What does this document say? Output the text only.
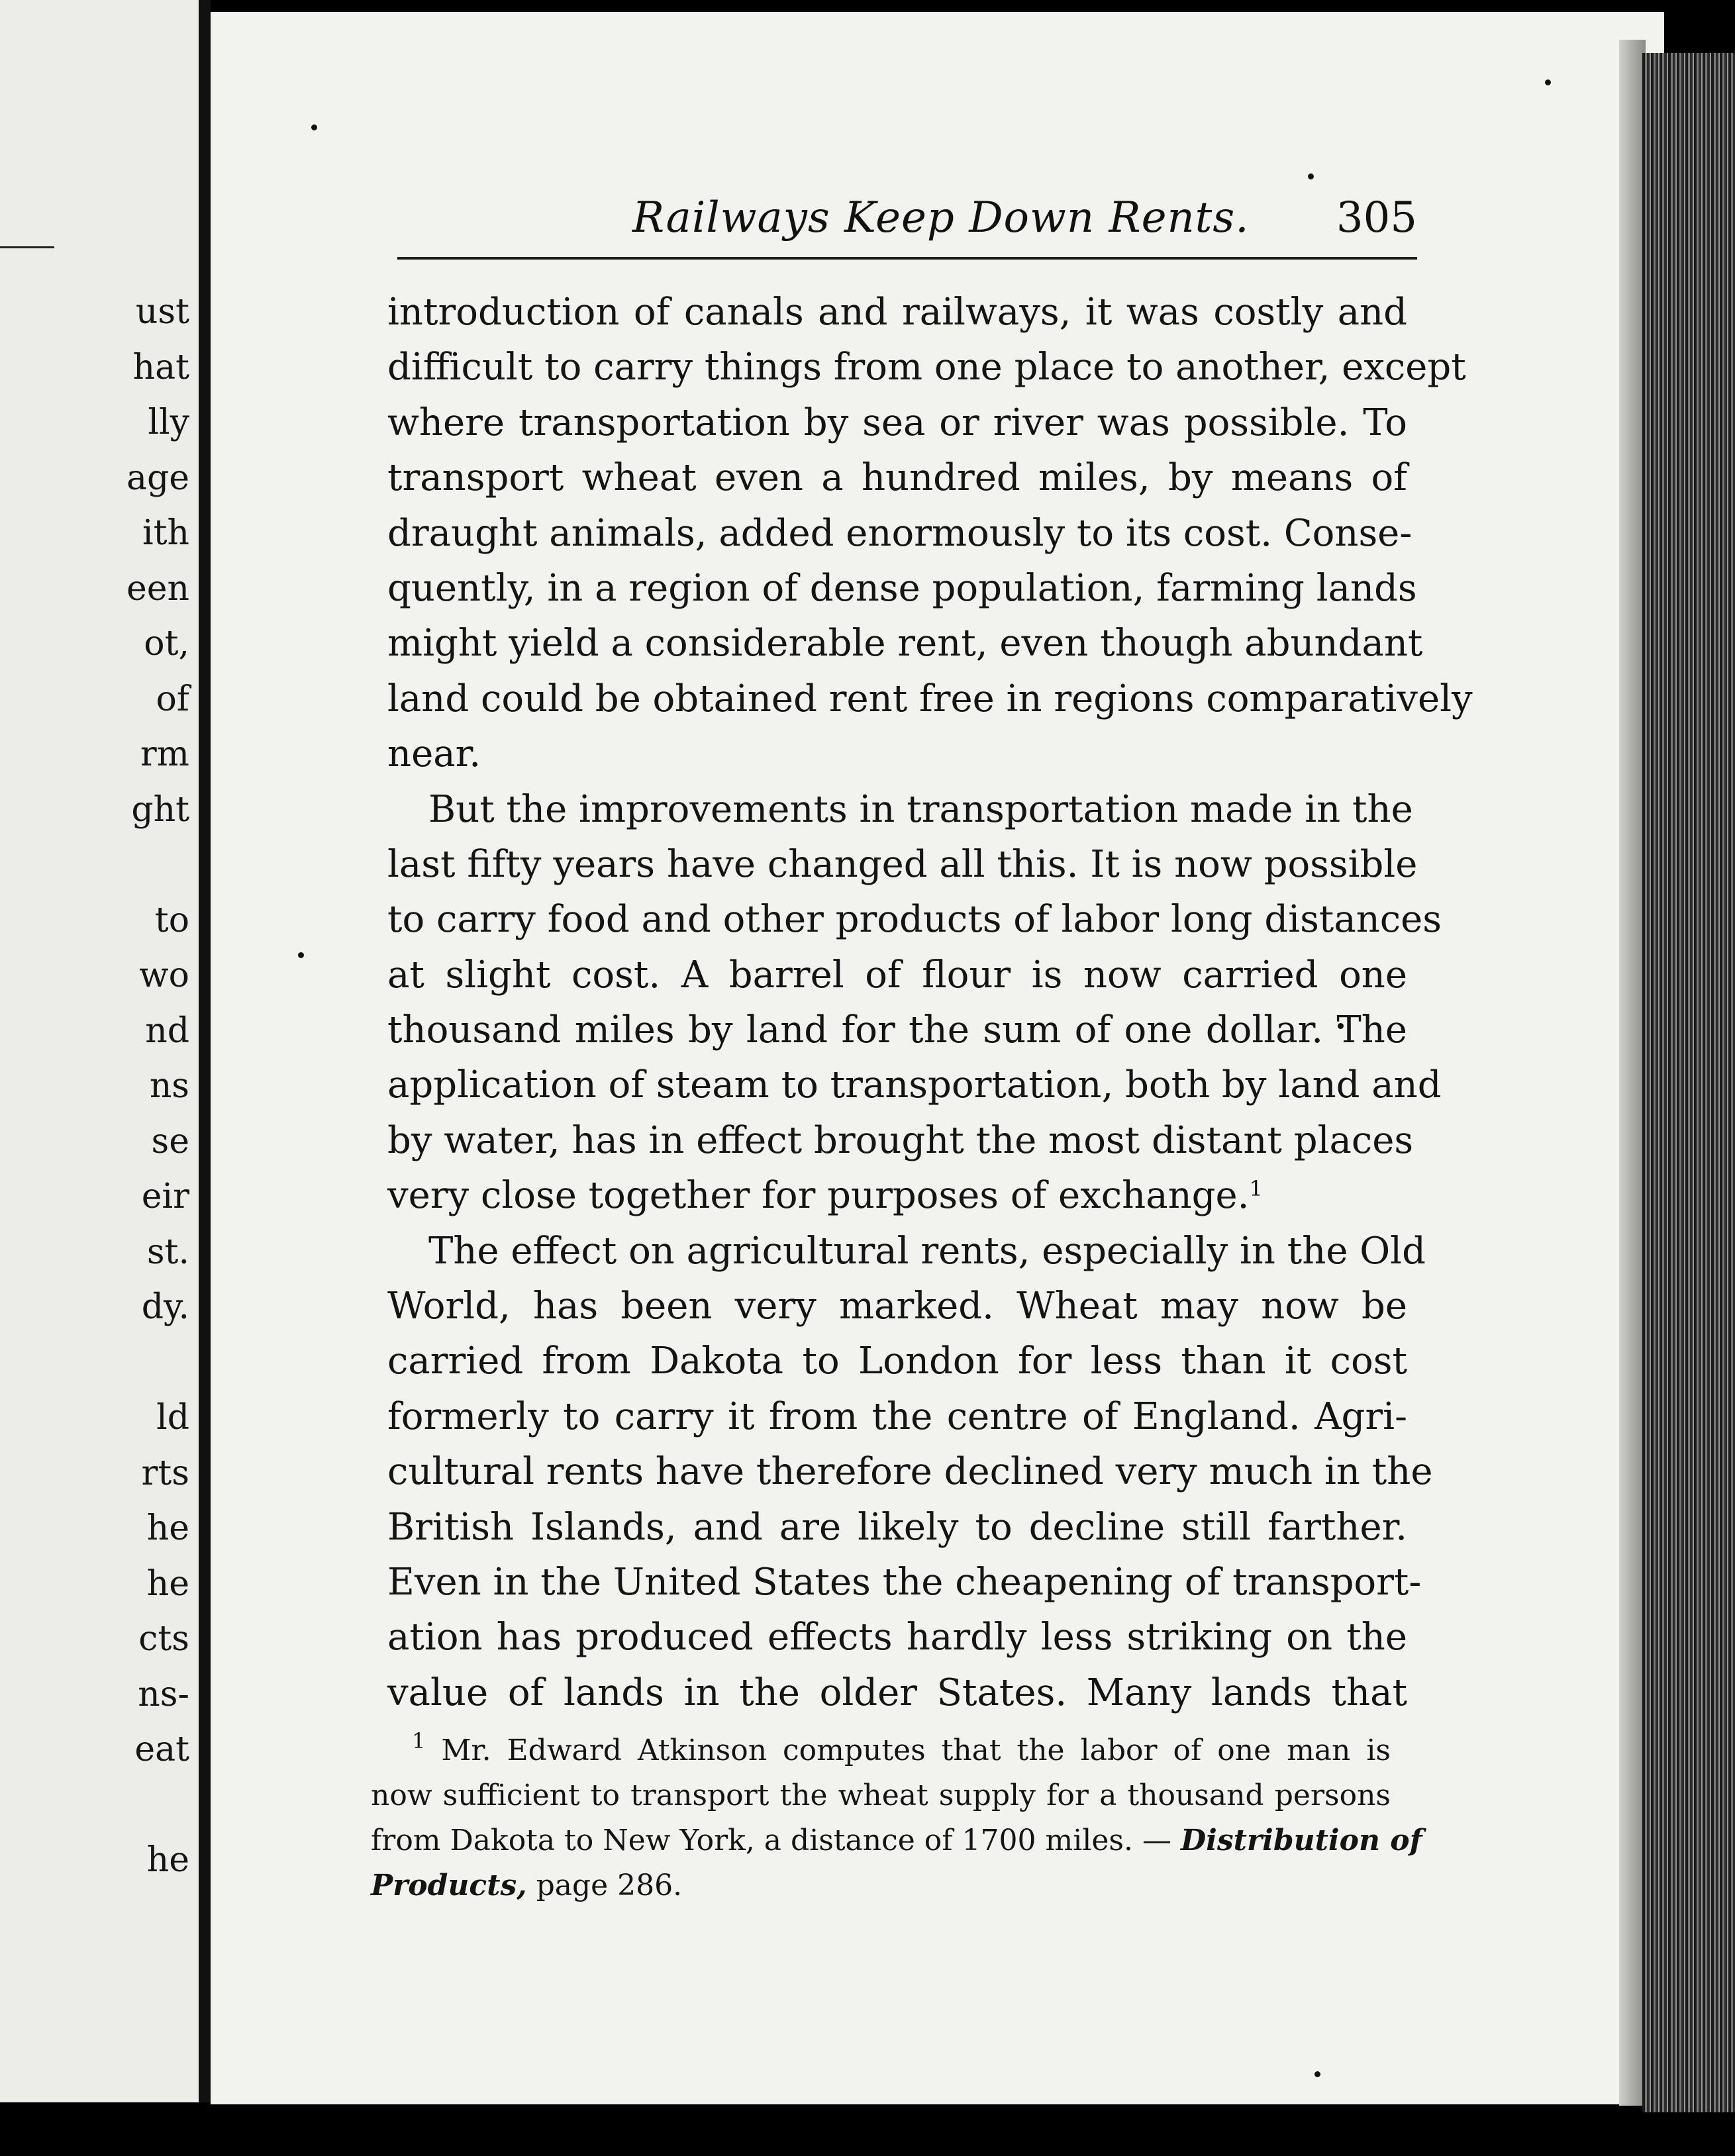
ust
hat
lly
age
ith
een
ot,
of
rm
ght
to
wo
nd
ns
se
eir
st.
dy.
ld
rts
he
he
cts
ns-
eat
he
Railways Keep Down Rents. 305
introduction of canals and railways, it was costly and
difficult to carry things from one place to another, except
where transportation by sea or river was possible. To
transport wheat even a hundred miles, by means of
draught animals, added enormously to its cost. Conse-
quently, in a region of dense population, farming lands
might yield a considerable rent, even though abundant
land could be obtained rent free in regions comparatively
near.
But the improvements in transportation made in the
last fifty years have changed all this. It is now possible
to carry food and other products of labor long distances
at slight cost. A barrel of flour is now carried one
thousand miles by land for the sum of one dollar. The
application of steam to transportation, both by land and
by water, has in effect brought the most distant places
very close together for purposes of exchange.$^1$
The effect on agricultural rents, especially in the Old
World, has been very marked. Wheat may now be
carried from Dakota to London for less than it cost
formerly to carry it from the centre of England. Agri-
cultural rents have therefore declined very much in the
British Islands, and are likely to decline still farther.
Even in the United States the cheapening of transport-
ation has produced effects hardly less striking on the
value of lands in the older States. Many lands that
$^1$ Mr. Edward Atkinson computes that the labor of one man is
now sufficient to transport the wheat supply for a thousand persons
from Dakota to New York, a distance of 1700 miles. — Distribution of
Products, page 286.
